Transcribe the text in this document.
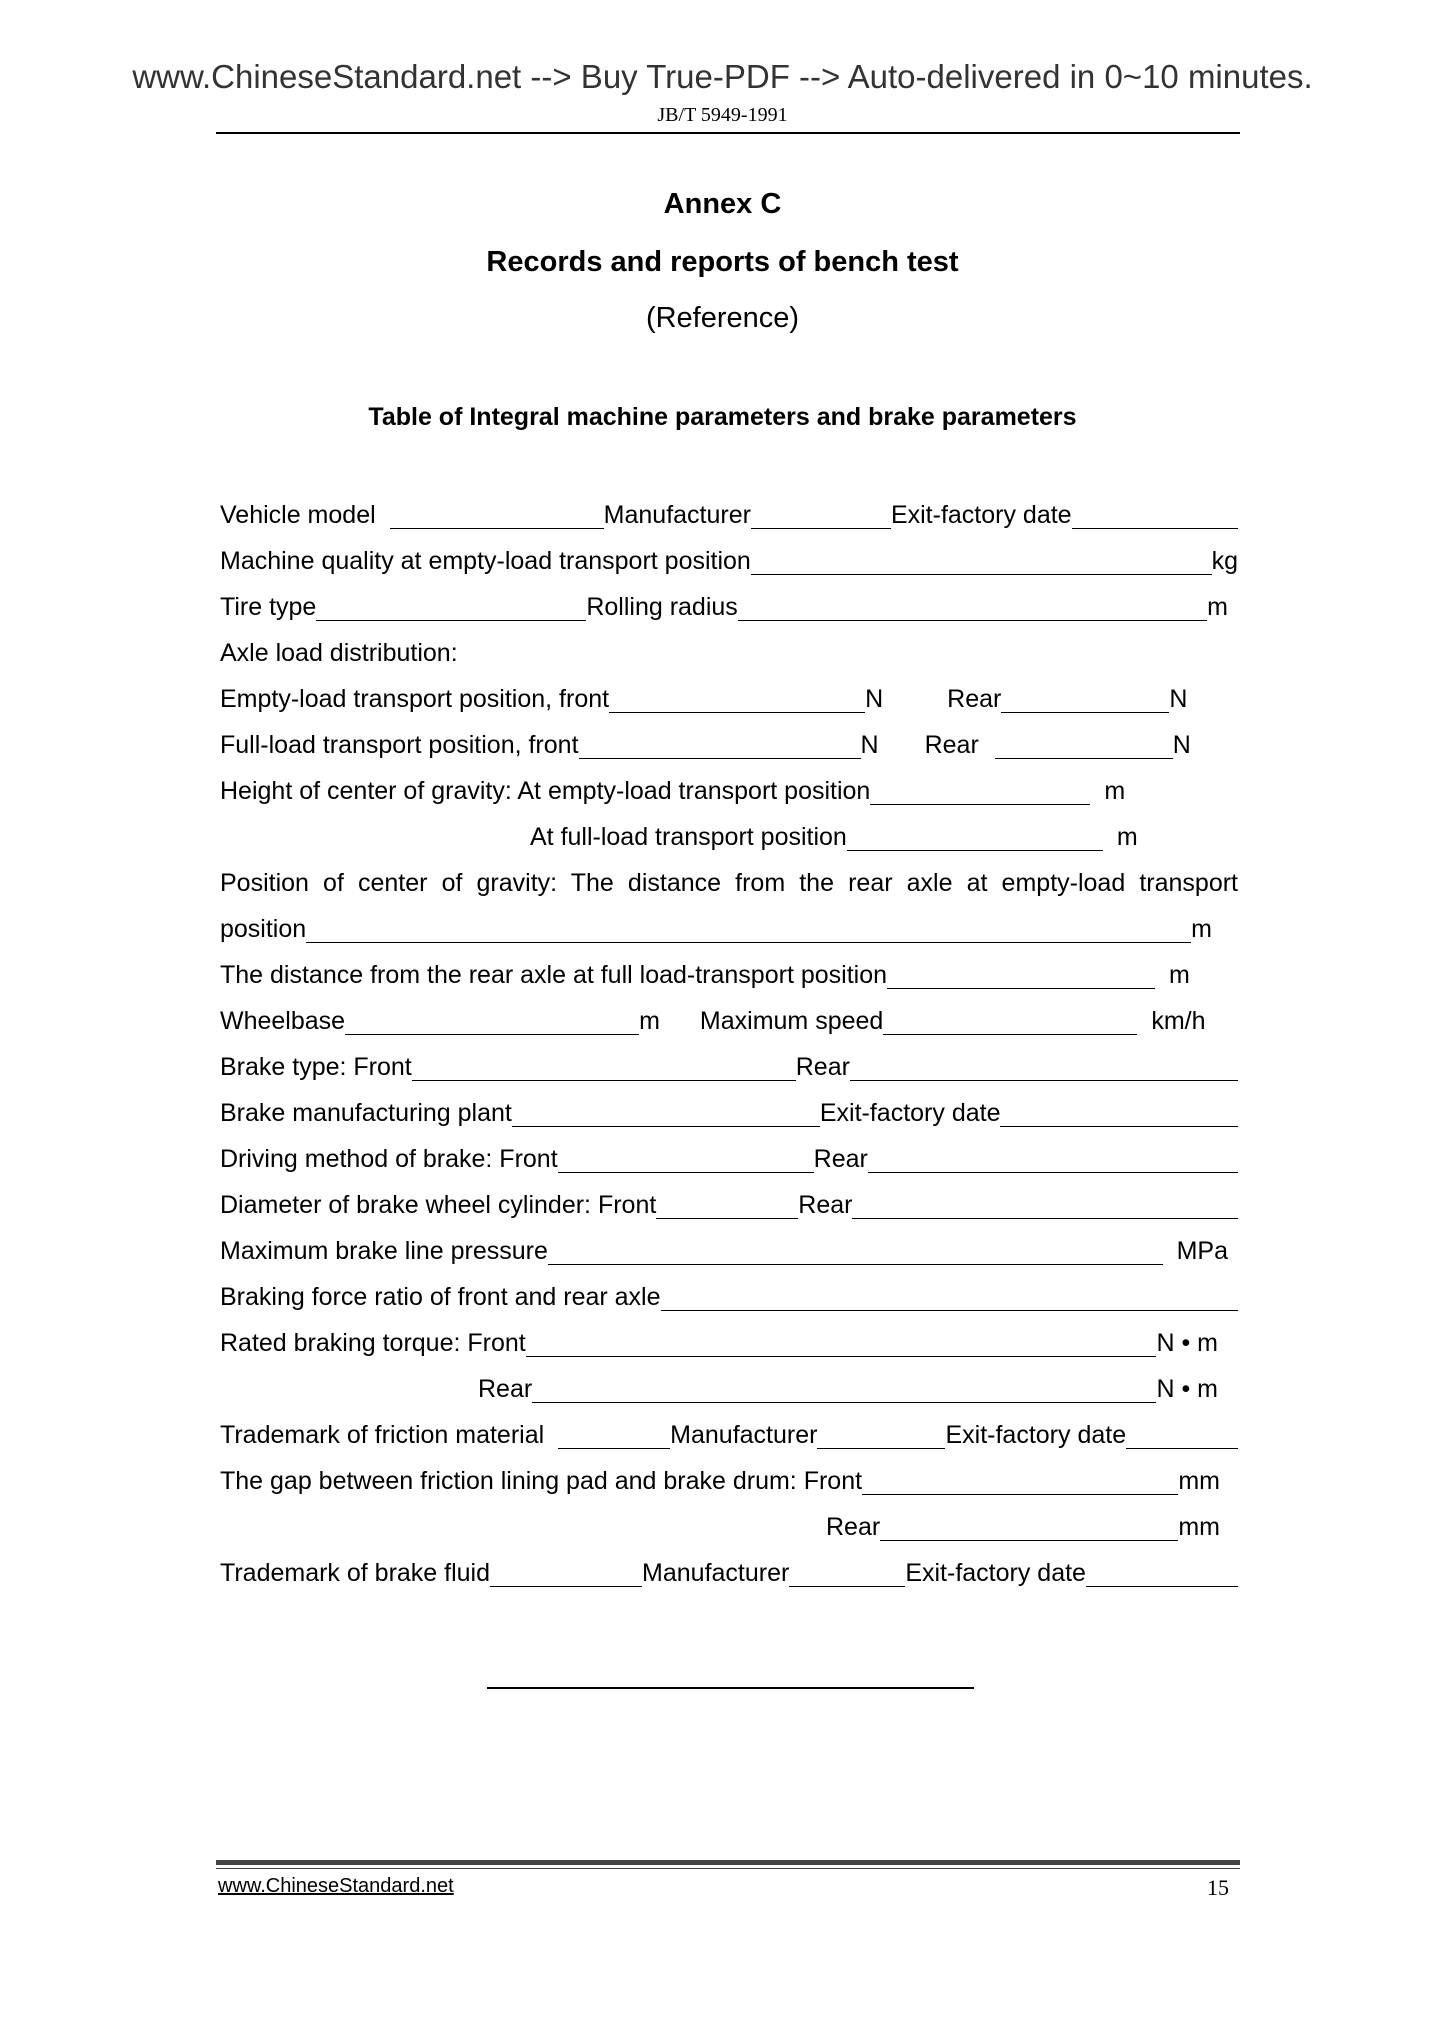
www.ChineseStandard.net --> Buy True-PDF --> Auto-delivered in 0~10 minutes.
JB/T 5949-1991
Annex C
Records and reports of bench test
(Reference)
Table of Integral machine parameters and brake parameters
Vehicle model	Manufacturer	Exit-factory date
Machine quality at empty-load transport position	kg
Tire type	Rolling radius	m
Axle load distribution:
Empty-load transport position, front	N	Rear	N
Full-load transport position, front	N Rear	N
Height of center of gravity: At empty-load transport position	m
At full-load transport position	m
Position of center of gravity: The distance from the rear axle at empty-load transport
position	m
The distance from the rear axle at full load-transport position	m
Wheelbase	m Maximum speed	km/h
Brake type: Front	Rear
Brake manufacturing plant	Exit-factory date
Driving method of brake: Front	Rear
Diameter of brake wheel cylinder: Front	Rear
Maximum brake line pressure	MPa
Braking force ratio of front and rear axle
Rated braking torque: Front	N • m
Rear	N • m
Trademark of friction material	Manufacturer	Exit-factory date
The gap between friction lining pad and brake drum: Front	mm
Rear	mm
Trademark of brake fluid	Manufacturer	Exit-factory date
www.ChineseStandard.net	15
